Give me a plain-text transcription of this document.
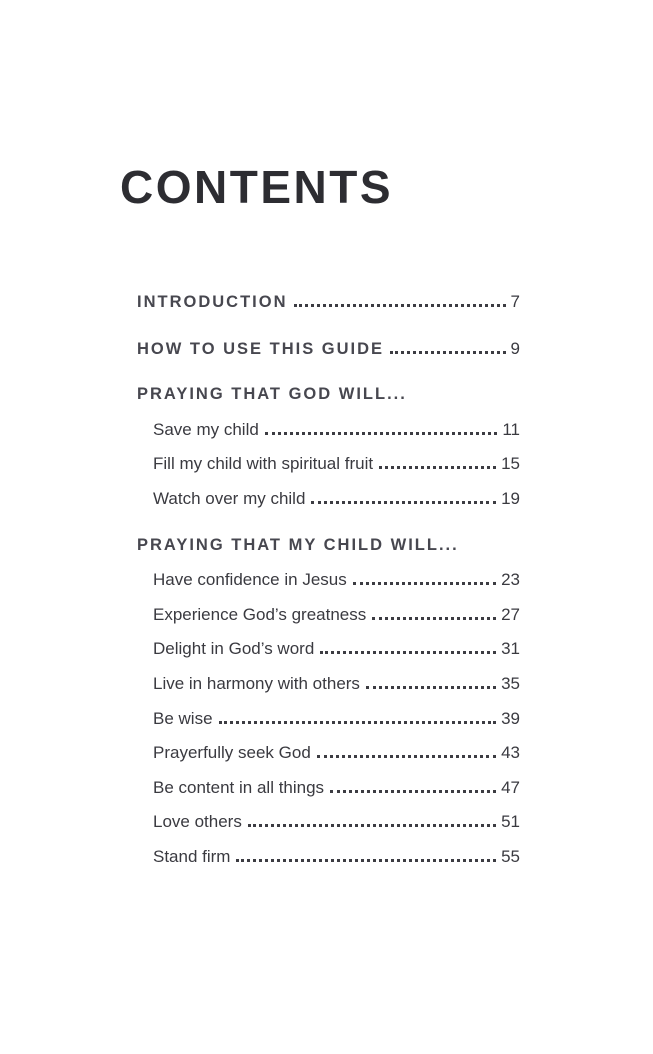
CONTENTS
INTRODUCTION	7
HOW TO USE THIS GUIDE	9
PRAYING THAT GOD WILL...
Save my child	11
Fill my child with spiritual fruit	15
Watch over my child	19
PRAYING THAT MY CHILD WILL...
Have confidence in Jesus	23
Experience God’s greatness	27
Delight in God’s word	31
Live in harmony with others	35
Be wise	39
Prayerfully seek God	43
Be content in all things	47
Love others	51
Stand firm	55
